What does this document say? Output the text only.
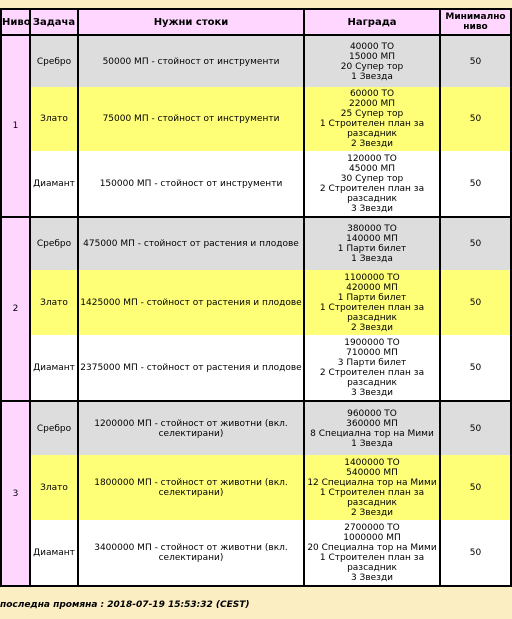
Ниво	Задача	Нужни стоки	Награда	Минимално ниво
1	Сребро	50000 МП - стойност от инструменти	40000 ТО
15000 МП
20 Супер тор
1 Звезда	50
	Злато	75000 МП - стойност от инструменти	60000 ТО
22000 МП
25 Супер тор
1 Строителен план за разсадник
2 Звезди	50
	Диамант	150000 МП - стойност от инструменти	120000 ТО
45000 МП
30 Супер тор
2 Строителен план за разсадник
3 Звезди	50
2	Сребро	475000 МП - стойност от растения и плодове	380000 ТО
140000 МП
1 Парти билет
1 Звезда	50
	Злато	1425000 МП - стойност от растения и плодове	1100000 ТО
420000 МП
1 Парти билет
1 Строителен план за разсадник
2 Звезди	50
	Диамант	2375000 МП - стойност от растения и плодове	1900000 ТО
710000 МП
3 Парти билет
2 Строителен план за разсадник
3 Звезди	50
3	Сребро	1200000 МП - стойност от животни (вкл. селектирани)	960000 ТО
360000 МП
8 Специална тор на Мими
1 Звезда	50
	Злато	1800000 МП - стойност от животни (вкл. селектирани)	1400000 ТО
540000 МП
12 Специална тор на Мими
1 Строителен план за разсадник
2 Звезди	50
	Диамант	3400000 МП - стойност от животни (вкл. селектирани)	2700000 ТО
1000000 МП
20 Специална тор на Мими
1 Строителен план за разсадник
3 Звезди	50
последна промяна : 2018-07-19 15:53:32 (CEST)
